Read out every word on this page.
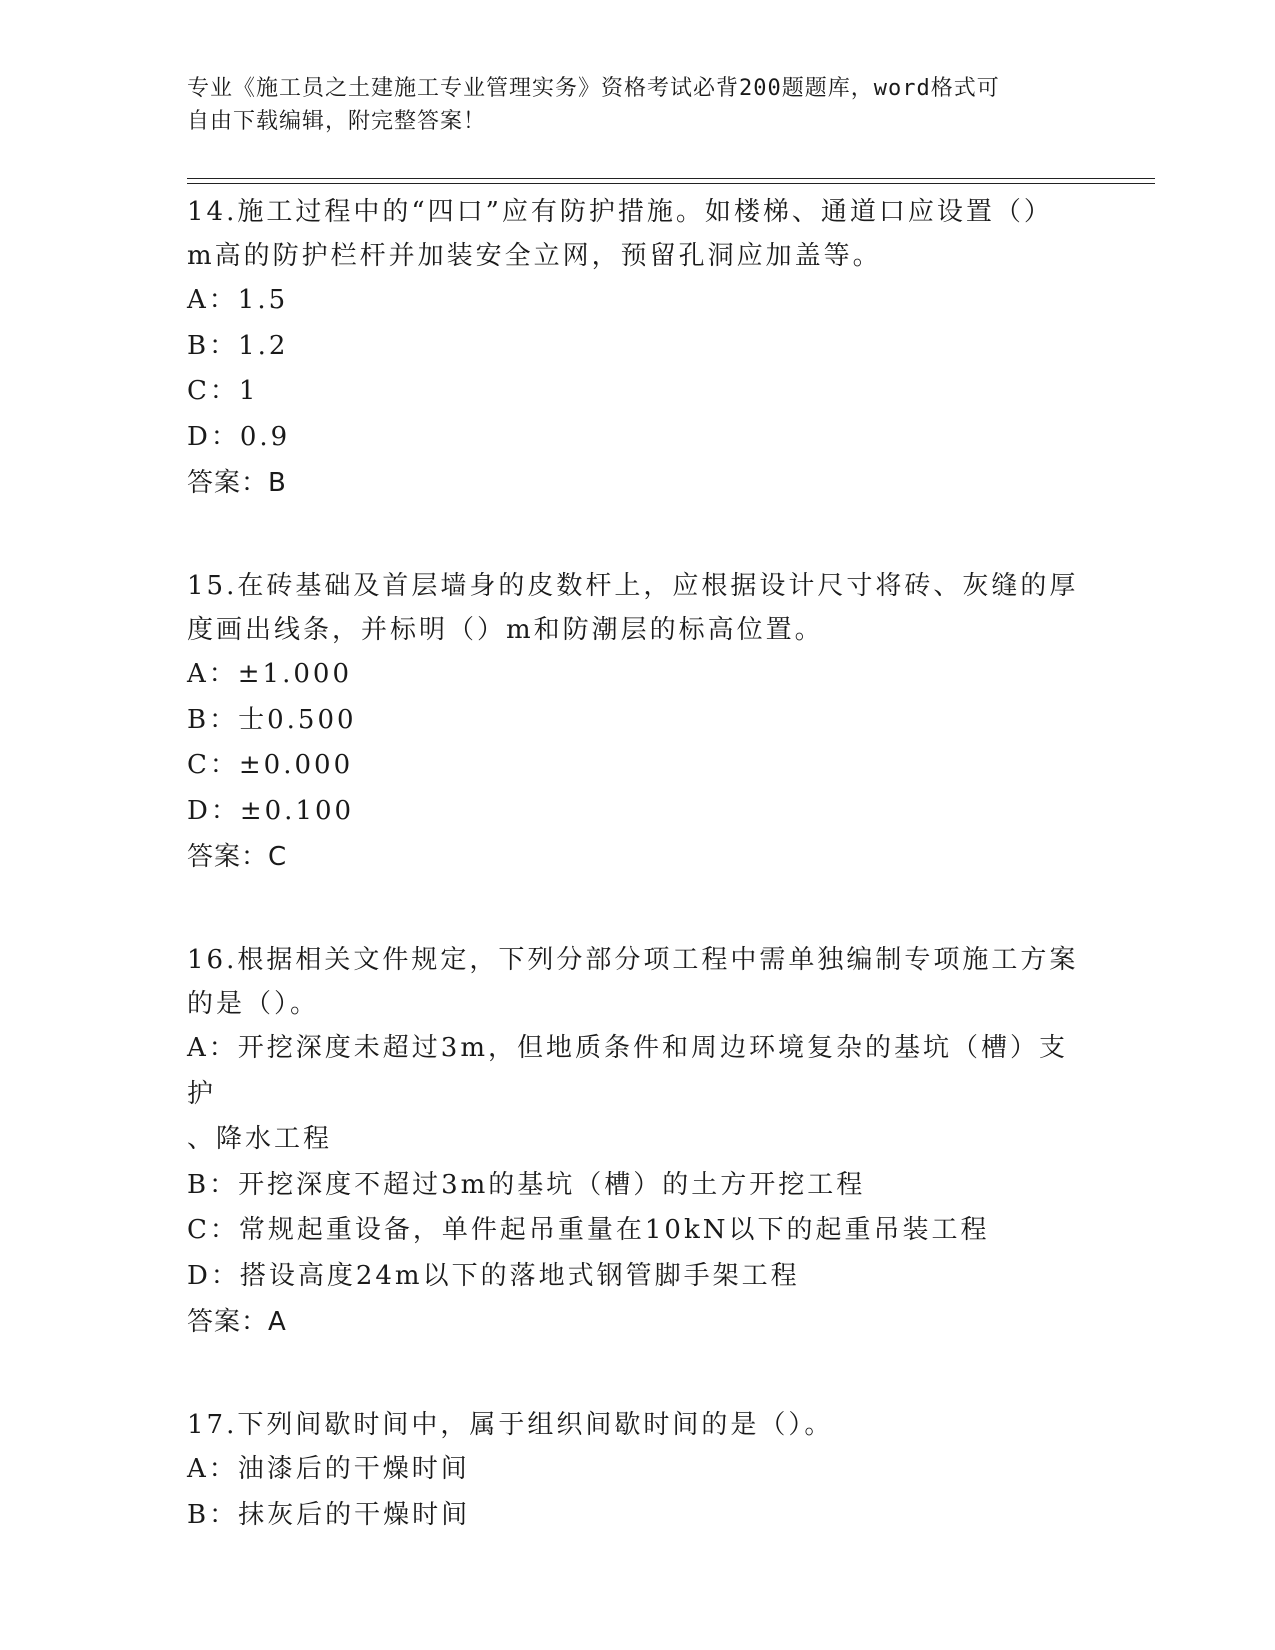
专业《施工员之土建施工专业管理实务》资格考试必背200题题库，word格式可
自由下载编辑，附完整答案！

14.施工过程中的“四口”应有防护措施。如楼梯、通道口应设置（）

m高的防护栏杆并加装安全立网，预留孔洞应加盖等。

A：1.5

B：1.2

C：1

D：0.9

答案：B

15.在砖基础及首层墙身的皮数杆上，应根据设计尺寸将砖、灰缝的厚

度画出线条，并标明（）m和防潮层的标高位置。

A：±1.000

B：士0.500

C：±0.000

D：±0.100

答案：C

16.根据相关文件规定，下列分部分项工程中需单独编制专项施工方案

的是（）。

A：开挖深度未超过3m，但地质条件和周边环境复杂的基坑（槽）支护

、降水工程

B：开挖深度不超过3m的基坑（槽）的土方开挖工程

C：常规起重设备，单件起吊重量在10kN以下的起重吊装工程

D：搭设高度24m以下的落地式钢管脚手架工程

答案：A

17.下列间歇时间中，属于组织间歇时间的是（）。

A：油漆后的干燥时间

B：抹灰后的干燥时间
